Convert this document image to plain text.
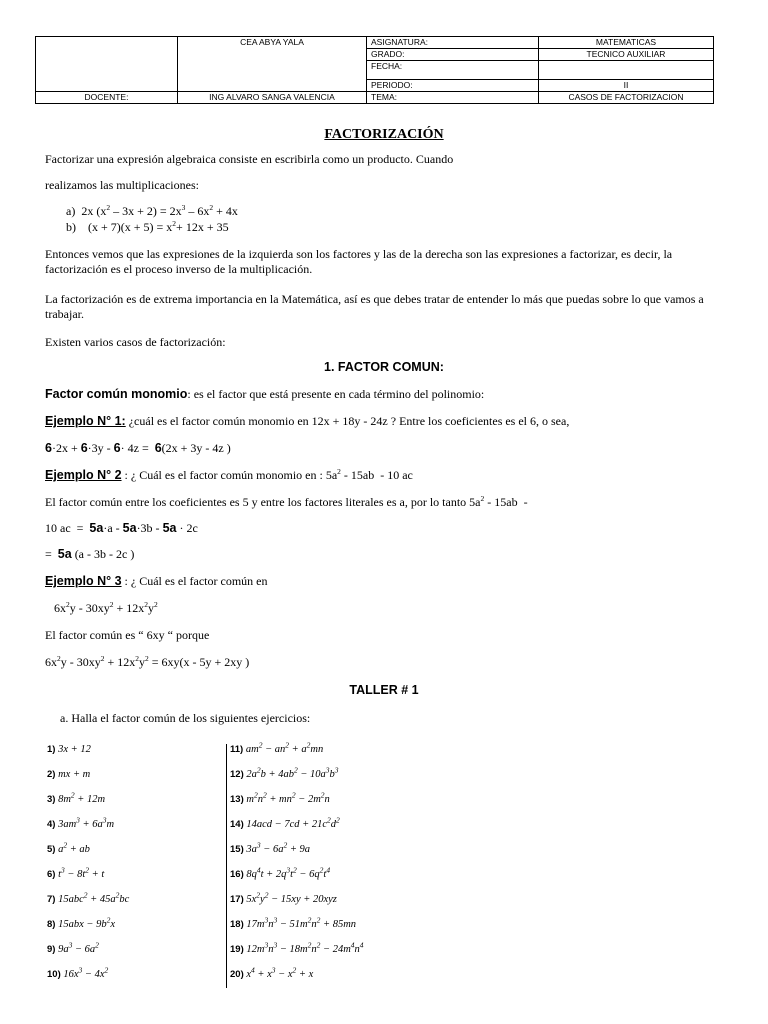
	CEA ABYA YALA	ASIGNATURA:	MATEMATICAS
		GRADO:	TECNICO AUXILIAR
		FECHA:	
		PERIODO:	II
DOCENTE:	ING ALVARO SANGA VALENCIA	TEMA:	CASOS DE FACTORIZACION

FACTORIZACIÓN

Factorizar una expresión algebraica consiste en escribirla como un producto. Cuando

realizamos las multiplicaciones:

a)  2x $(x^2 - 3x + 2) = 2x^3 - 6x^2 + 4x$

b)    $(x + 7)(x + 5) = x^2+ 12x + 35$

Entonces vemos que las expresiones de la izquierda son los factores y las de la derecha son las expresiones a factorizar, es decir, la factorización es el proceso inverso de la multiplicación.

La factorización es de extrema importancia en la Matemática, así es que debes tratar de entender lo más que puedas sobre lo que vamos a trabajar.

Existen varios casos de factorización:

1. FACTOR COMUN:

Factor común monomio: es el factor que está presente en cada término del polinomio:

Ejemplo N° 1: ¿cuál es el factor común monomio en 12x + 18y - 24z ? Entre los coeficientes es el 6, o sea,

6·2x + 6·3y - 6· 4z =  6(2x + 3y - 4z )

Ejemplo N° 2 : ¿ Cuál es el factor común monomio en : $5a^2 - 15ab - 10$ ac

El factor común entre los coeficientes es 5 y entre los factores literales es a, por lo tanto $5a^2 - 15ab$  -

10 ac  =  5a·a - 5a·3b - 5a · 2c

=  5a (a - 3b - 2c )

Ejemplo N° 3 : ¿ Cuál es el factor común en

$6x^2y - 30xy^2 + 12x^2y^2$

El factor común es “ 6xy “ porque

$6x^2y - 30xy^2 + 12x^2y^2 = 6xy(x - 5y + 2xy$ )

TALLER # 1

a. Halla el factor común de los siguientes ejercicios:

1) 3x + 12

2) mx + m

3) $8m^2 + 12m$

4) $3am^3 + 6a^3m$

5) $a^2$ + ab

6) $t^3 - 8t^2 + t$

7) $15abc^2 + 45a^2bc$

8) $15abx - 9b^2x$

9) $9a^3 - 6a^2$

10) $16x^3 - 4x^2$

11) $am^2 - an^2 + a^2mn$

12) $2a^2b + 4ab^2 - 10a^3b^3$

13) $m^2n^2 + mn^2 - 2m^2n$

14) $14acd - 7cd + 21c^2d^2$

15) $3a^3 - 6a^2 + 9a$

16) $8q^4t + 2q^3t^2 - 6q^2t^4$

17) $5x^2y^2 - 15xy + 20xyz$

18) $17m^3n^3 - 51m^2n^2 + 85mn$

19) $12m^3n^3 - 18m^2n^2 - 24m^4n^4$

20) $x^4 + x^3 - x^2 + x$
